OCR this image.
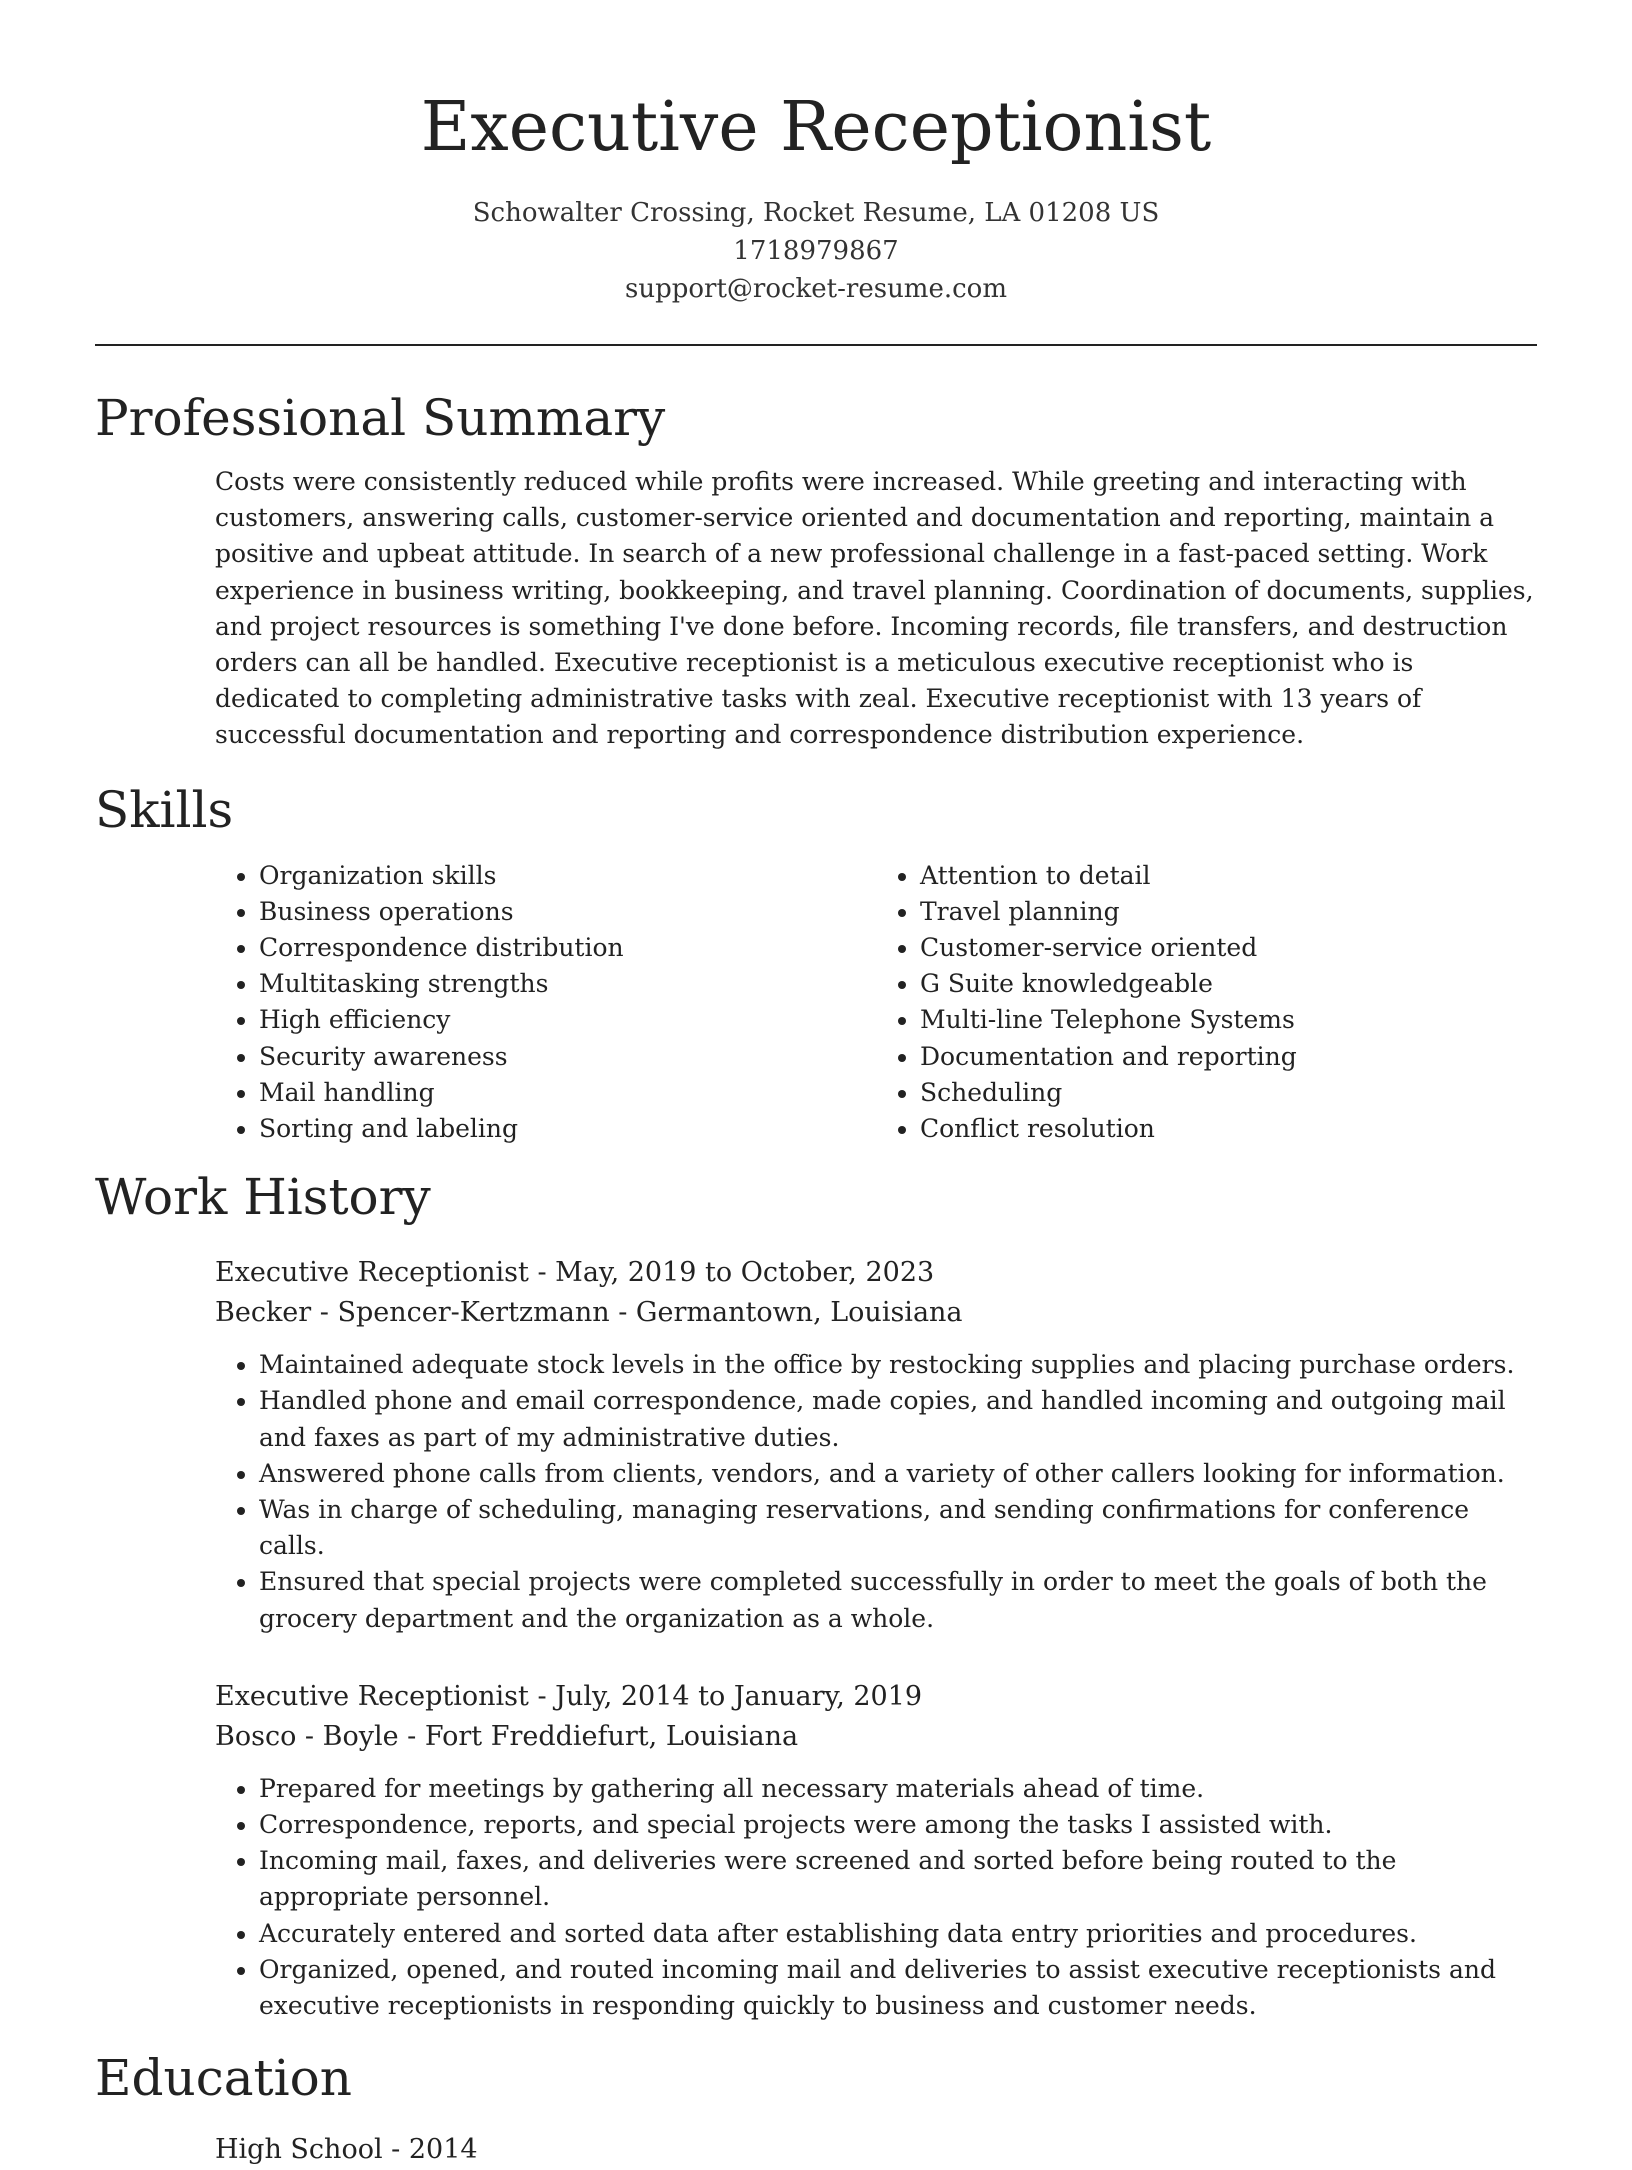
Executive Receptionist
Schowalter Crossing, Rocket Resume, LA 01208 US
1718979867
support@rocket-resume.com
Professional Summary

Costs were consistently reduced while profits were increased. While greeting and interacting with customers, answering calls, customer-service oriented and documentation and reporting, maintain a positive and upbeat attitude. In search of a new professional challenge in a fast-paced setting. Work experience in business writing, bookkeeping, and travel planning. Coordination of documents, supplies, and project resources is something I've done before. Incoming records, file transfers, and destruction orders can all be handled. Executive receptionist is a meticulous executive receptionist who is dedicated to completing administrative tasks with zeal. Executive receptionist with 13 years of successful documentation and reporting and correspondence distribution experience.

Skills
• Organization skills
• Business operations
• Correspondence distribution
• Multitasking strengths
• High efficiency
• Security awareness
• Mail handling
• Sorting and labeling
• Attention to detail
• Travel planning
• Customer-service oriented
• G Suite knowledgeable
• Multi-line Telephone Systems
• Documentation and reporting
• Scheduling
• Conflict resolution
Work History
Executive Receptionist - May, 2019 to October, 2023
Becker - Spencer-Kertzmann - Germantown, Louisiana
• Maintained adequate stock levels in the office by restocking supplies and placing purchase orders.
• Handled phone and email correspondence, made copies, and handled incoming and outgoing mail and faxes as part of my administrative duties.
• Answered phone calls from clients, vendors, and a variety of other callers looking for information.
• Was in charge of scheduling, managing reservations, and sending confirmations for conference calls.
• Ensured that special projects were completed successfully in order to meet the goals of both the grocery department and the organization as a whole.
Executive Receptionist - July, 2014 to January, 2019
Bosco - Boyle - Fort Freddiefurt, Louisiana
• Prepared for meetings by gathering all necessary materials ahead of time.
• Correspondence, reports, and special projects were among the tasks I assisted with.
• Incoming mail, faxes, and deliveries were screened and sorted before being routed to the appropriate personnel.
• Accurately entered and sorted data after establishing data entry priorities and procedures.
• Organized, opened, and routed incoming mail and deliveries to assist executive receptionists and executive receptionists in responding quickly to business and customer needs.
Education
High School - 2014
